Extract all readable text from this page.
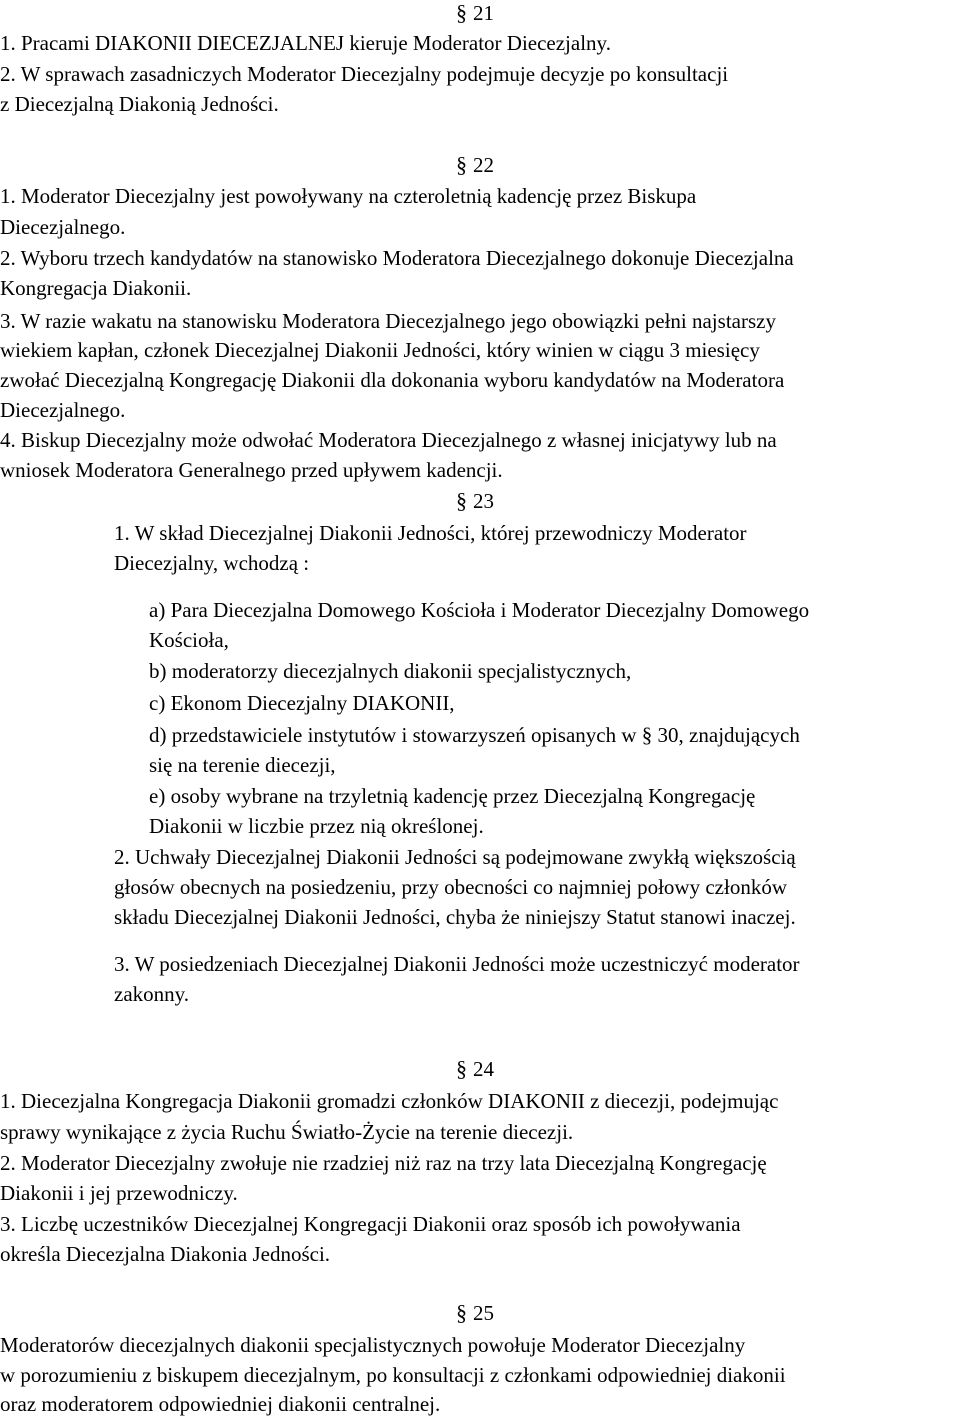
§ 21
1. Pracami DIAKONII DIECEZJALNEJ kieruje Moderator Diecezjalny.
2. W sprawach zasadniczych Moderator Diecezjalny podejmuje decyzje po konsultacji
z Diecezjalną Diakonią Jedności.
§ 22
1. Moderator Diecezjalny jest powoływany na czteroletnią kadencję przez Biskupa
Diecezjalnego.
2. Wyboru trzech kandydatów na stanowisko Moderatora Diecezjalnego dokonuje Diecezjalna
Kongregacja Diakonii.
3. W razie wakatu na stanowisku Moderatora Diecezjalnego jego obowiązki pełni najstarszy
wiekiem kapłan, członek Diecezjalnej Diakonii Jedności, który winien w ciągu 3 miesięcy
zwołać Diecezjalną Kongregację Diakonii dla dokonania wyboru kandydatów na Moderatora
Diecezjalnego.
4. Biskup Diecezjalny może odwołać Moderatora Diecezjalnego z własnej inicjatywy lub na
wniosek Moderatora Generalnego przed upływem kadencji.
§ 23
1. W skład Diecezjalnej Diakonii Jedności, której przewodniczy Moderator
Diecezjalny, wchodzą :
a) Para Diecezjalna Domowego Kościoła i Moderator Diecezjalny Domowego
Kościoła,
b) moderatorzy diecezjalnych diakonii specjalistycznych,
c) Ekonom Diecezjalny DIAKONII,
d) przedstawiciele instytutów i stowarzyszeń opisanych w § 30, znajdujących
się na terenie diecezji,
e) osoby wybrane na trzyletnią kadencję przez Diecezjalną Kongregację
Diakonii w liczbie przez nią określonej.
2. Uchwały Diecezjalnej Diakonii Jedności są podejmowane zwykłą większością
głosów obecnych na posiedzeniu, przy obecności co najmniej połowy członków
składu Diecezjalnej Diakonii Jedności, chyba że niniejszy Statut stanowi inaczej.
3. W posiedzeniach Diecezjalnej Diakonii Jedności może uczestniczyć moderator
zakonny.
§ 24
1. Diecezjalna Kongregacja Diakonii gromadzi członków DIAKONII z diecezji, podejmując
sprawy wynikające z życia Ruchu Światło-Życie na terenie diecezji.
2. Moderator Diecezjalny zwołuje nie rzadziej niż raz na trzy lata Diecezjalną Kongregację
Diakonii i jej przewodniczy.
3. Liczbę uczestników Diecezjalnej Kongregacji Diakonii oraz sposób ich powoływania
określa Diecezjalna Diakonia Jedności.
§ 25
Moderatorów diecezjalnych diakonii specjalistycznych powołuje Moderator Diecezjalny
w porozumieniu z biskupem diecezjalnym, po konsultacji z członkami odpowiedniej diakonii
oraz moderatorem odpowiedniej diakonii centralnej.
